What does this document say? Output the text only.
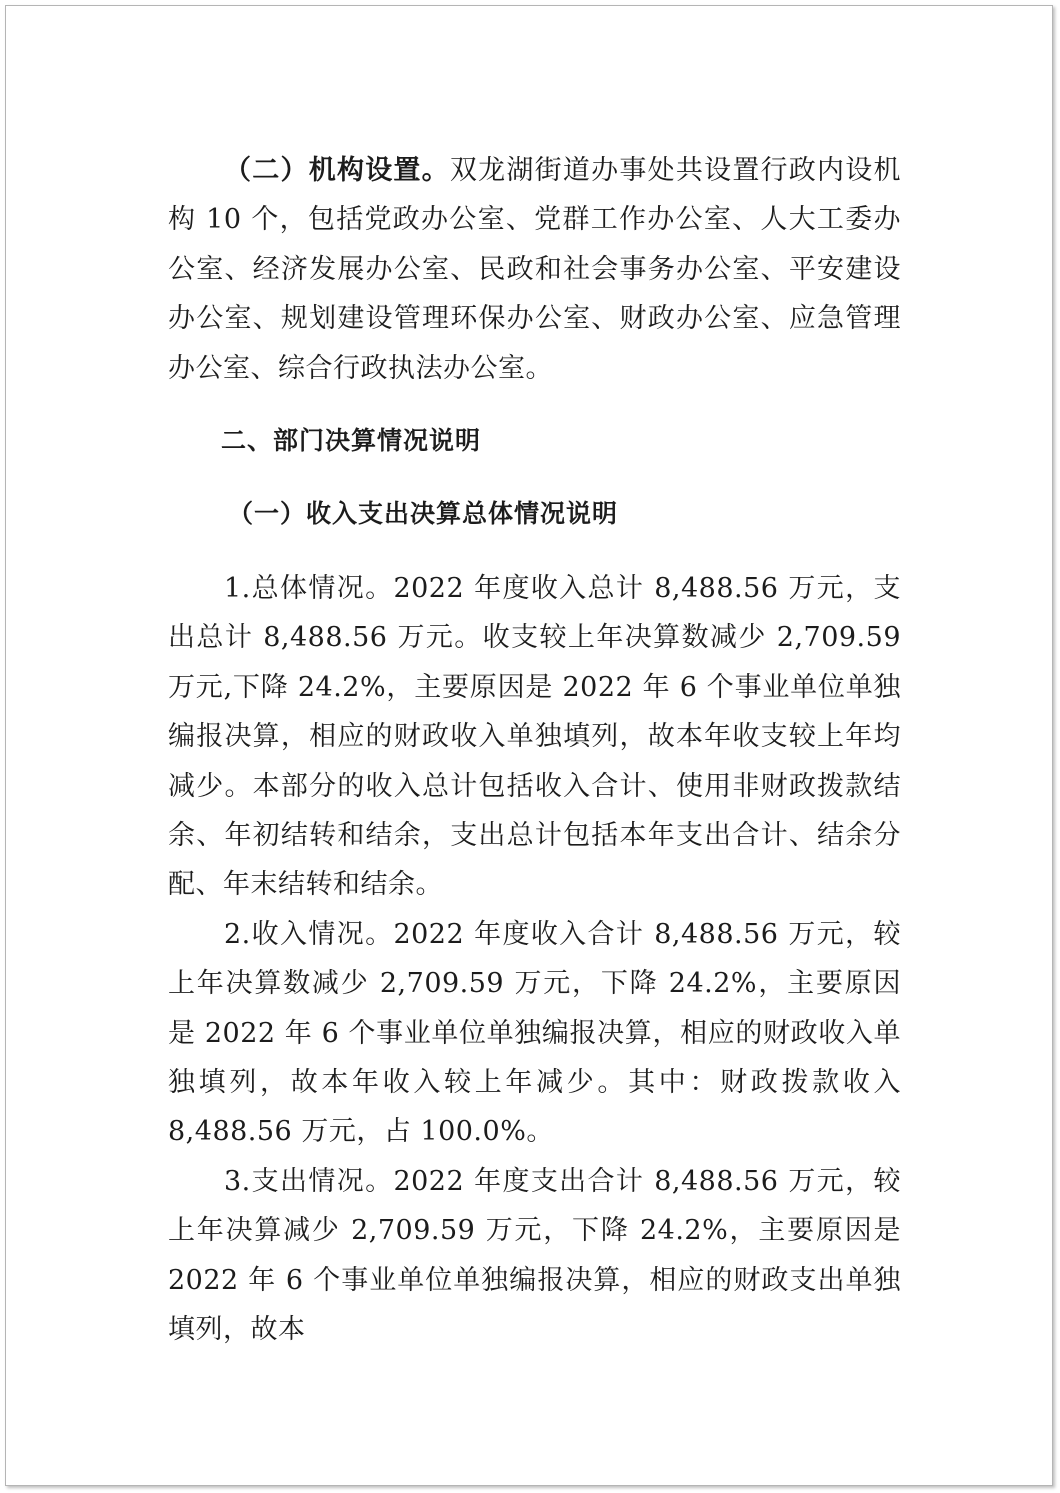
（二）机构设置。双龙湖街道办事处共设置行政内设机构 10 个，包括党政办公室、党群工作办公室、人大工委办公室、经济发展办公室、民政和社会事务办公室、平安建设办公室、规划建设管理环保办公室、财政办公室、应急管理办公室、综合行政执法办公室。

二、部门决算情况说明
（一）收入支出决算总体情况说明

1.总体情况。2022 年度收入总计 8,488.56 万元，支出总计 8,488.56 万元。收支较上年决算数减少 2,709.59 万元,下降 24.2%，主要原因是 2022 年 6 个事业单位单独编报决算，相应的财政收入单独填列，故本年收支较上年均减少。本部分的收入总计包括收入合计、使用非财政拨款结余、年初结转和结余，支出总计包括本年支出合计、结余分配、年末结转和结余。

2.收入情况。2022 年度收入合计 8,488.56 万元，较上年决算数减少 2,709.59 万元，下降 24.2%，主要原因是 2022 年 6 个事业单位单独编报决算，相应的财政收入单独填列，故本年收入较上年减少。其中：财政拨款收入 8,488.56 万元，占 100.0%。

3.支出情况。2022 年度支出合计 8,488.56 万元，较上年决算减少 2,709.59 万元，下降 24.2%，主要原因是 2022 年 6 个事业单位单独编报决算，相应的财政支出单独填列，故本
